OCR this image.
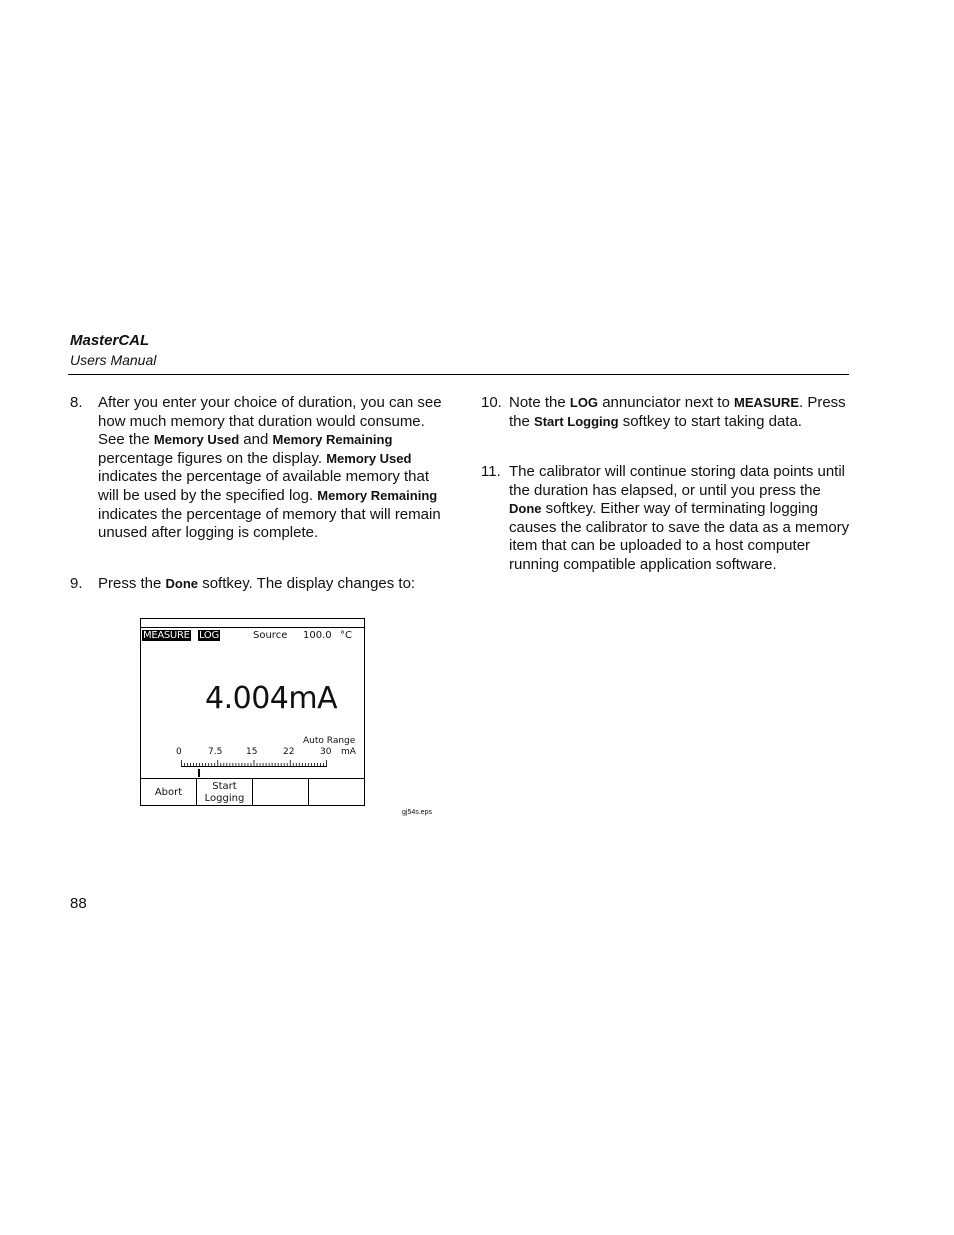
MasterCAL
Users Manual
8. After you enter your choice of duration, you can see how much memory that duration would consume. See the Memory Used and Memory Remaining percentage figures on the display. Memory Used indicates the percentage of available memory that will be used by the specified log. Memory Remaining indicates the percentage of memory that will remain unused after logging is complete.
9. Press the Done softkey. The display changes to:
10. Note the LOG annunciator next to MEASURE. Press the Start Logging softkey to start taking data.
11. The calibrator will continue storing data points until the duration has elapsed, or until you press the Done softkey. Either way of terminating logging causes the calibrator to save the data as a memory item that can be uploaded to a host computer running compatible application software.
MEASURE LOG	Source 100.0 °C
4.004mA
Auto Range
0	7.5	15	22	30 mA
Abort
Start
Logging
gj54s.eps
88
